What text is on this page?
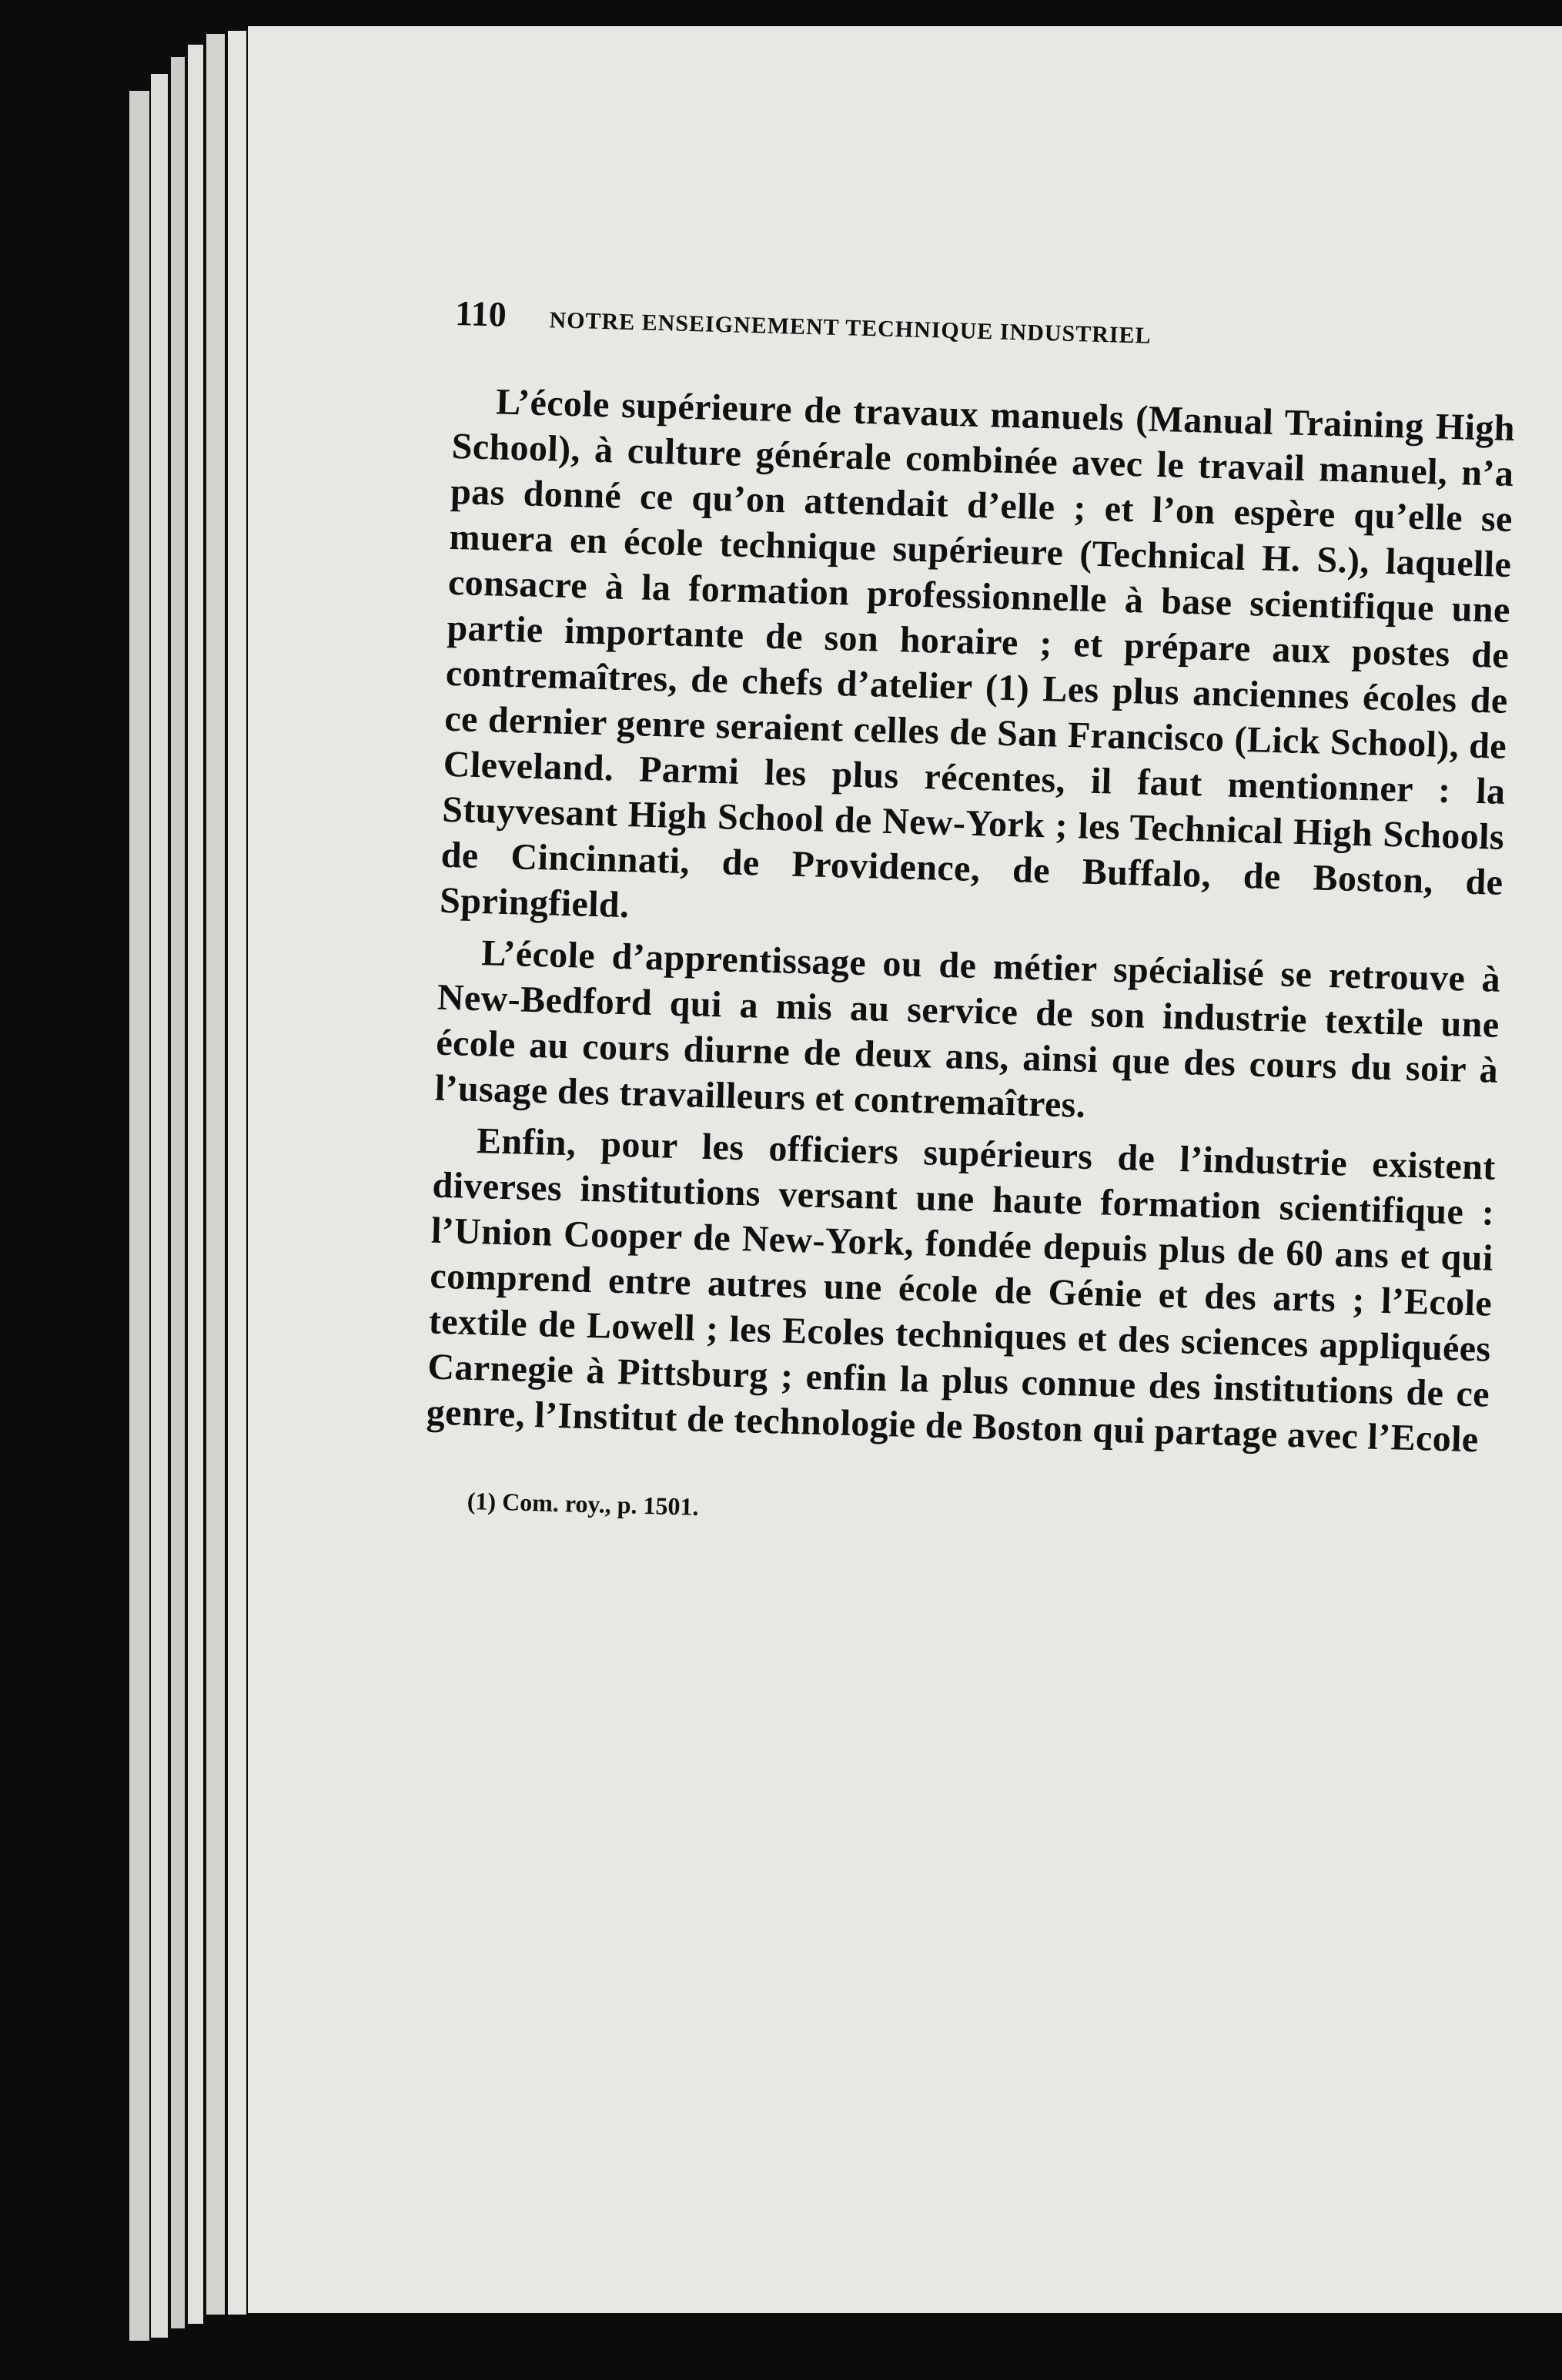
110 NOTRE ENSEIGNEMENT TECHNIQUE INDUSTRIEL

L’école supérieure de travaux manuels (Manual Training High School), à culture générale combinée avec le travail manuel, n’a pas donné ce qu’on attendait d’elle ; et l’on espère qu’elle se muera en école technique supérieure (Technical H. S.), laquelle consacre à la formation professionnelle à base scientifique une partie importante de son horaire ; et prépare aux postes de contremaîtres, de chefs d’atelier (1) Les plus anciennes écoles de ce dernier genre seraient celles de San Francisco (Lick School), de Cleveland. Parmi les plus récentes, il faut mentionner : la Stuyvesant High School de New-York ; les Technical High Schools de Cincinnati, de Providence, de Buffalo, de Boston, de Springfield.

L’école d’apprentissage ou de métier spécialisé se retrouve à New-Bedford qui a mis au service de son industrie textile une école au cours diurne de deux ans, ainsi que des cours du soir à l’usage des travailleurs et contremaîtres.

Enfin, pour les officiers supérieurs de l’industrie existent diverses institutions versant une haute formation scientifique : l’Union Cooper de New-York, fondée depuis plus de 60 ans et qui comprend entre autres une école de Génie et des arts ; l’Ecole textile de Lowell ; les Ecoles techniques et des sciences appliquées Carnegie à Pittsburg ; enfin la plus connue des institutions de ce genre, l’Institut de technologie de Boston qui partage avec l’Ecole

(1) Com. roy., p. 1501.
